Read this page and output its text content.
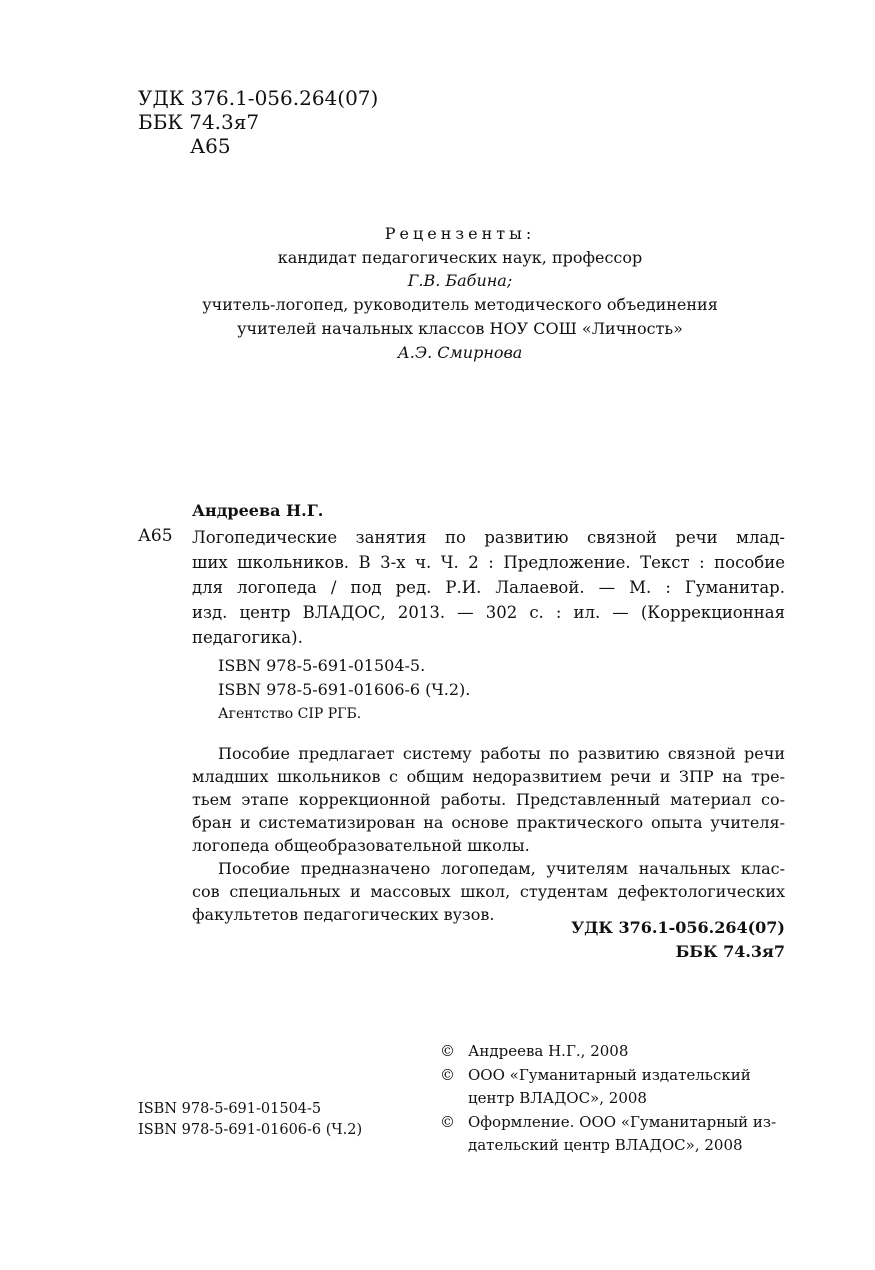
УДК 376.1-056.264(07)
ББК 74.3я7
А65
Рецензенты:
кандидат педагогических наук, профессор
Г.В. Бабина;
учитель-логопед, руководитель методического объединения
учителей начальных классов НОУ СОШ «Личность»
А.Э. Смирнова
Андреева Н.Г.
А65 Логопедические занятия по развитию связной речи млад-
ших школьников. В 3-х ч. Ч. 2 : Предложение. Текст : пособие
для логопеда / под ред. Р.И. Лалаевой. — М. : Гуманитар.
изд. центр ВЛАДОС, 2013. — 302 с. : ил. — (Коррекционная
педагогика).
ISBN 978-5-691-01504-5.
ISBN 978-5-691-01606-6 (Ч.2).
Агентство CIP РГБ.
Пособие предлагает систему работы по развитию связной речи
младших школьников с общим недоразвитием речи и ЗПР на тре-
тьем этапе коррекционной работы. Представленный материал со-
бран и систематизирован на основе практического опыта учителя-
логопеда общеобразовательной школы.
Пособие предназначено логопедам, учителям начальных клас-
сов специальных и массовых школ, студентам дефектологических
факультетов педагогических вузов.
УДК 376.1-056.264(07)
ББК 74.3я7
© Андреева Н.Г., 2008
© ООО «Гуманитарный издательский
центр ВЛАДОС», 2008
© Оформление. ООО «Гуманитарный из-
дательский центр ВЛАДОС», 2008
ISBN 978-5-691-01504-5
ISBN 978-5-691-01606-6 (Ч.2)
